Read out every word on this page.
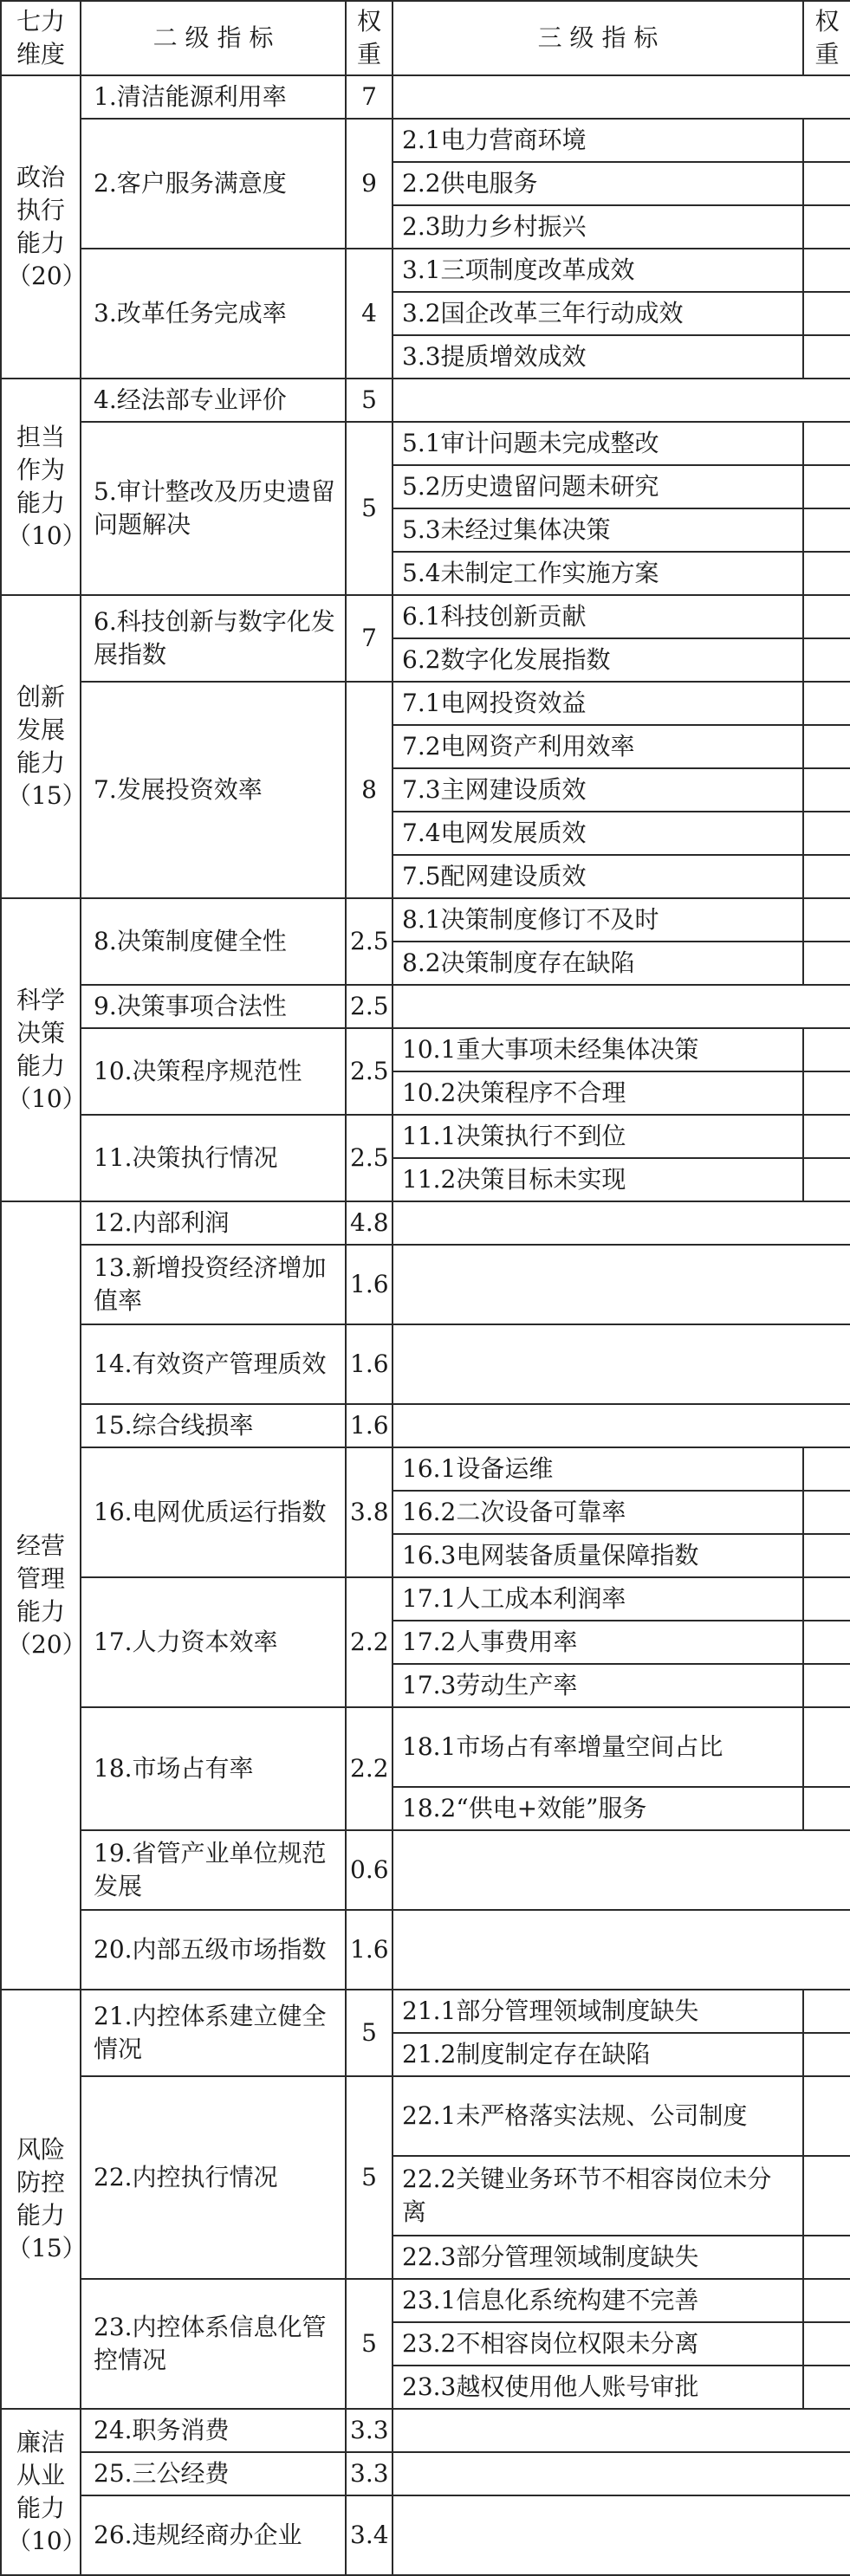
七力维度	二 级 指 标	权重	三 级 指 标	权重
政治执行能力（20）	1.清洁能源利用率	7		
	2.客户服务满意度	9	2.1电力营商环境	
			2.2供电服务	
			2.3助力乡村振兴	
	3.改革任务完成率	4	3.1三项制度改革成效	
			3.2国企改革三年行动成效	
			3.3提质增效成效	
担当作为能力（10）	4.经法部专业评价	5		
	5.审计整改及历史遗留问题解决	5	5.1审计问题未完成整改	
			5.2历史遗留问题未研究	
			5.3未经过集体决策	
			5.4未制定工作实施方案	
创新发展能力（15）	6.科技创新与数字化发展指数	7	6.1科技创新贡献	
			6.2数字化发展指数	
	7.发展投资效率	8	7.1电网投资效益	
			7.2电网资产利用效率	
			7.3主网建设质效	
			7.4电网发展质效	
			7.5配网建设质效	
科学决策能力（10）	8.决策制度健全性	2.5	8.1决策制度修订不及时	
			8.2决策制度存在缺陷	
	9.决策事项合法性	2.5		
	10.决策程序规范性	2.5	10.1重大事项未经集体决策	
			10.2决策程序不合理	
	11.决策执行情况	2.5	11.1决策执行不到位	
			11.2决策目标未实现	
经营管理能力（20）	12.内部利润	4.8		
	13.新增投资经济增加值率	1.6		
	14.有效资产管理质效	1.6		
	15.综合线损率	1.6		
	16.电网优质运行指数	3.8	16.1设备运维	
			16.2二次设备可靠率	
			16.3电网装备质量保障指数	
	17.人力资本效率	2.2	17.1人工成本利润率	
			17.2人事费用率	
			17.3劳动生产率	
	18.市场占有率	2.2	18.1市场占有率增量空间占比	
			18.2“供电+效能”服务	
	19.省管产业单位规范发展	0.6		
	20.内部五级市场指数	1.6		
风险防控能力（15）	21.内控体系建立健全情况	5	21.1部分管理领域制度缺失	
			21.2制度制定存在缺陷	
	22.内控执行情况	5	22.1未严格落实法规、公司制度	
			22.2关键业务环节不相容岗位未分离	
			22.3部分管理领域制度缺失	
	23.内控体系信息化管控情况	5	23.1信息化系统构建不完善	
			23.2不相容岗位权限未分离	
			23.3越权使用他人账号审批	
廉洁从业能力（10）	24.职务消费	3.3		
	25.三公经费	3.3		
	26.违规经商办企业	3.4		
